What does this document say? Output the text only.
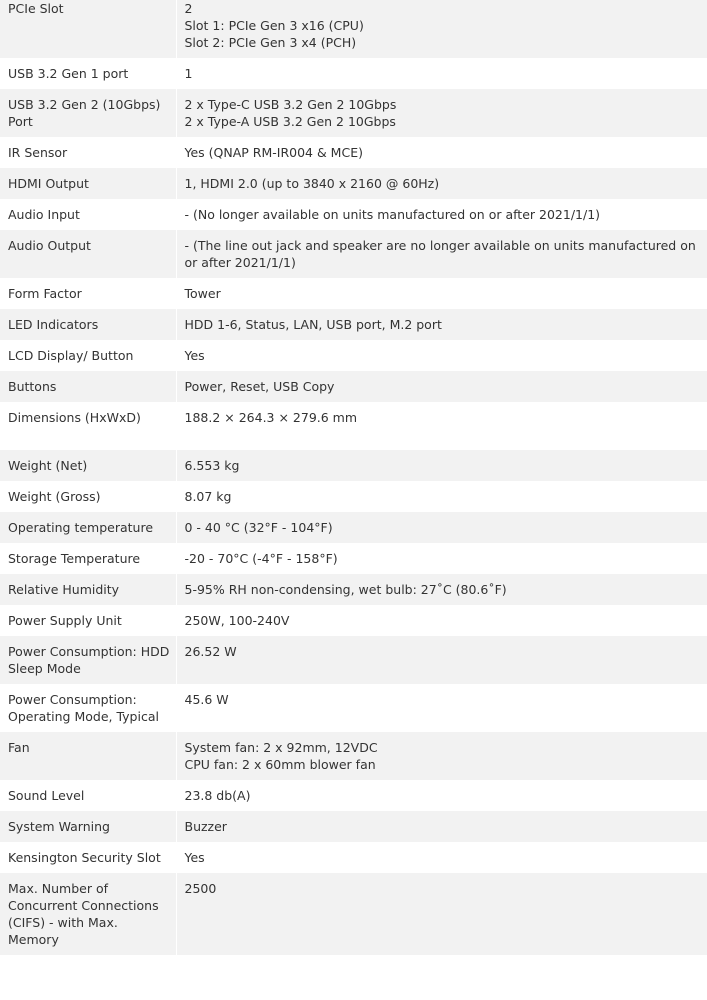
PCIe Slot	2
Slot 1: PCIe Gen 3 x16 (CPU)
Slot 2: PCIe Gen 3 x4 (PCH)

USB 3.2 Gen 1 port	1

USB 3.2 Gen 2 (10Gbps) Port	2 x Type-C USB 3.2 Gen 2 10Gbps
2 x Type-A USB 3.2 Gen 2 10Gbps

IR Sensor	Yes (QNAP RM-IR004 & MCE)

HDMI Output	1, HDMI 2.0 (up to 3840 x 2160 @ 60Hz)

Audio Input	- (No longer available on units manufactured on or after 2021/1/1)

Audio Output	- (The line out jack and speaker are no longer available on units manufactured on or after 2021/1/1)

Form Factor	Tower

LED Indicators	HDD 1-6, Status, LAN, USB port, M.2 port

LCD Display/ Button	Yes

Buttons	Power, Reset, USB Copy

Dimensions (HxWxD)	188.2 × 264.3 × 279.6 mm

Weight (Net)	6.553 kg

Weight (Gross)	8.07 kg

Operating temperature	0 - 40 °C (32°F - 104°F)

Storage Temperature	-20 - 70°C (-4°F - 158°F)

Relative Humidity	5-95% RH non-condensing, wet bulb: 27˚C (80.6˚F)

Power Supply Unit	250W, 100-240V

Power Consumption: HDD Sleep Mode	26.52 W

Power Consumption: Operating Mode, Typical	45.6 W

Fan	System fan: 2 x 92mm, 12VDC
CPU fan: 2 x 60mm blower fan

Sound Level	23.8 db(A)

System Warning	Buzzer

Kensington Security Slot	Yes

Max. Number of Concurrent Connections (CIFS) - with Max. Memory	2500
